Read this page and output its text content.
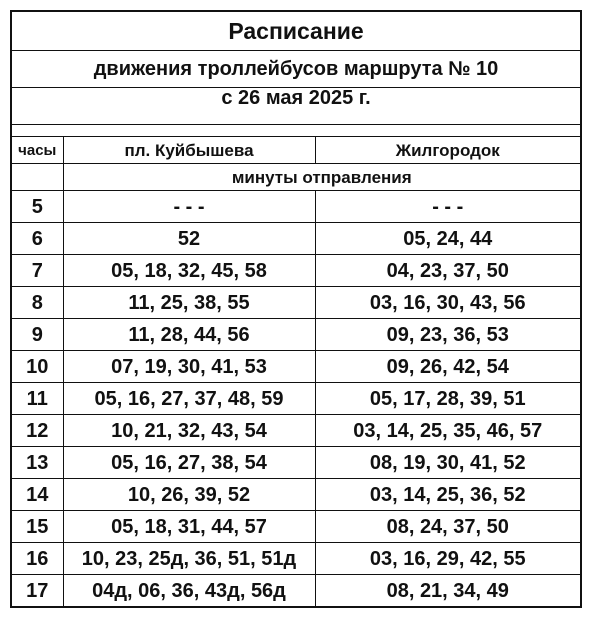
Расписание		
движения троллейбусов маршрута № 10		
с 26 мая 2025 г.		

часы	пл. Куйбышева	Жилгородок
	минуты отправления	
5	- - -	- - -
6	52	05, 24, 44
7	05, 18, 32, 45, 58	04, 23, 37, 50
8	11, 25, 38, 55	03, 16, 30, 43, 56
9	11, 28, 44, 56	09, 23, 36, 53
10	07, 19, 30, 41, 53	09, 26, 42, 54
11	05, 16, 27, 37, 48, 59	05, 17, 28, 39, 51
12	10, 21, 32, 43, 54	03, 14, 25, 35, 46, 57
13	05, 16, 27, 38, 54	08, 19, 30, 41, 52
14	10, 26, 39, 52	03, 14, 25, 36, 52
15	05, 18, 31, 44, 57	08, 24, 37, 50
16	10, 23, 25д, 36, 51, 51д	03, 16, 29, 42, 55
17	04д, 06, 36, 43д, 56д	08, 21, 34, 49
